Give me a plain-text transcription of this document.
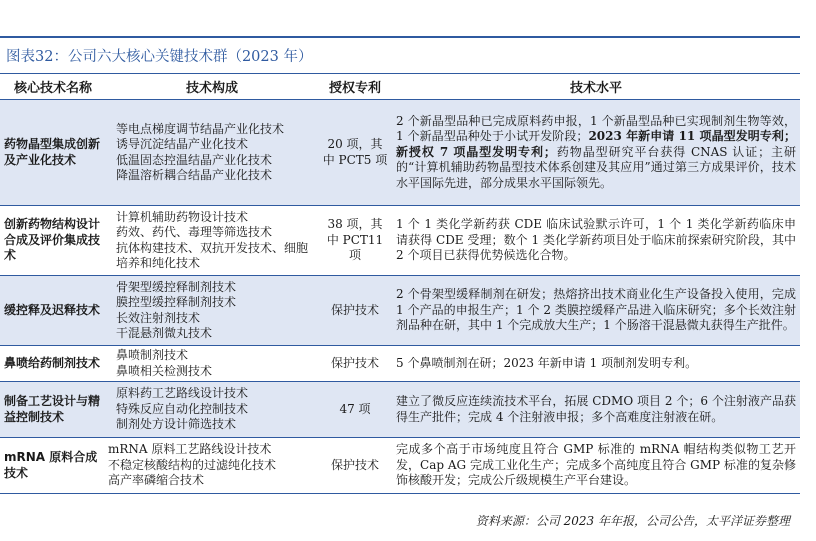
图表32：公司六大核心关键技术群（2023 年）
核心技术名称	技术构成	授权专利	技术水平
药物晶型集成创新及产业化技术	等电点梯度调节结晶产业化技术
诱导沉淀结晶产业化技术
低温固态控温结晶产业化技术
降温溶析耦合结晶产业化技术	20 项，其中 PCT5 项	2 个新晶型品种已完成原料药申报，1 个新晶型品种已实现制剂生物等效，1 个新晶型品种处于小试开发阶段；2023 年新申请 11 项晶型发明专利；新授权 7 项晶型发明专利；药物晶型研究平台获得 CNAS 认证；主研的“计算机辅助药物晶型技术体系创建及其应用”通过第三方成果评价，技术水平国际先进，部分成果水平国际领先。
创新药物结构设计合成及评价集成技术	计算机辅助药物设计技术
药效、药代、毒理等筛选技术
抗体构建技术、双抗开发技术、细胞培养和纯化技术	38 项，其中 PCT11 项	1 个 1 类化学新药获 CDE 临床试验默示许可，1 个 1 类化学新药临床申请获得 CDE 受理；数个 1 类化学新药项目处于临床前探索研究阶段，其中 2 个项目已获得优势候选化合物。
缓控释及迟释技术	骨架型缓控释制剂技术
膜控型缓控释制剂技术
长效注射剂技术
干混悬剂微丸技术	保护技术	2 个骨架型缓释制剂在研发；热熔挤出技术商业化生产设备投入使用，完成 1 个产品的申报生产；1 个 2 类膜控缓释产品进入临床研究；多个长效注射剂品种在研，其中 1 个完成放大生产；1 个肠溶干混悬微丸获得生产批件。
鼻喷给药制剂技术	鼻喷制剂技术
鼻喷相关检测技术	保护技术	5 个鼻喷制剂在研；2023 年新申请 1 项制剂发明专利。
制备工艺设计与精益控制技术	原料药工艺路线设计技术
特殊反应自动化控制技术
制剂处方设计筛选技术	47 项	建立了微反应连续流技术平台，拓展 CDMO 项目 2 个；6 个注射液产品获得生产批件；完成 4 个注射液申报；多个高难度注射液在研。
mRNA 原料合成技术	mRNA 原料工艺路线设计技术
不稳定核酸结构的过滤纯化技术
高产率磷缩合技术	保护技术	完成多个高于市场纯度且符合 GMP 标准的 mRNA 帽结构类似物工艺开发，Cap AG 完成工业化生产；完成多个高纯度且符合 GMP 标准的复杂修饰核酸开发；完成公斤级规模生产平台建设。
资料来源：公司 2023 年年报，公司公告，太平洋证券整理
